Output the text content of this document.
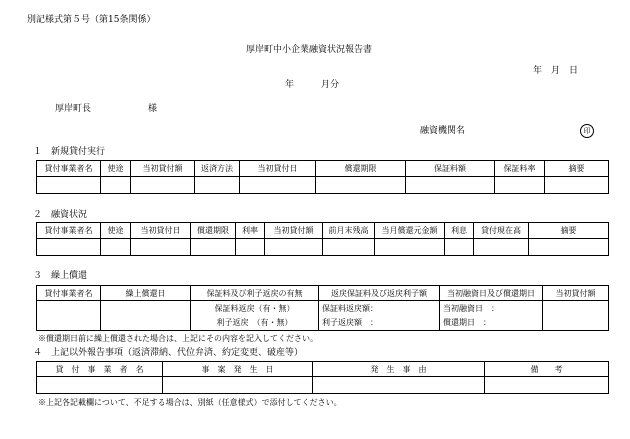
別記様式第５号（第15条関係）
厚岸町中小企業融資状況報告書
年　月　日
年　　　月分
厚岸町長	様
融資機関名	印
１　新規貸付実行
貸付事業者名	使途	当初貸付額	返済方法	当初貸付日	償還期限	保証料額	保証料率	摘要

２　融資状況
貸付事業者名	使途	当初貸付日	償還期限	利率	当初貸付額	前月末残高	当月償還元金額	利息	貸付現在高	摘要

３　繰上償還
貸付事業者名	繰上償還日	保証料及び利子返戻の有無	返戻保証料及び返戻利子額	当初融資日及び償還期日	当初貸付額
		保証料返戻（有・無）	保証料返戻額：	当初融資日　：	
		利子返戻　（有・無）	利子返戻額　：	償還期日　：	
※償還期日前に繰上償還された場合は、上記にその内容を記入してください。
４　上記以外報告事項（返済滞納、代位弁済、約定変更、破産等）
貸　付　事　業　者　名	事　案　発　生　日	発　生　事　由	備　　考

※上記各記載欄について、不足する場合は、別紙（任意様式）で添付してください。
